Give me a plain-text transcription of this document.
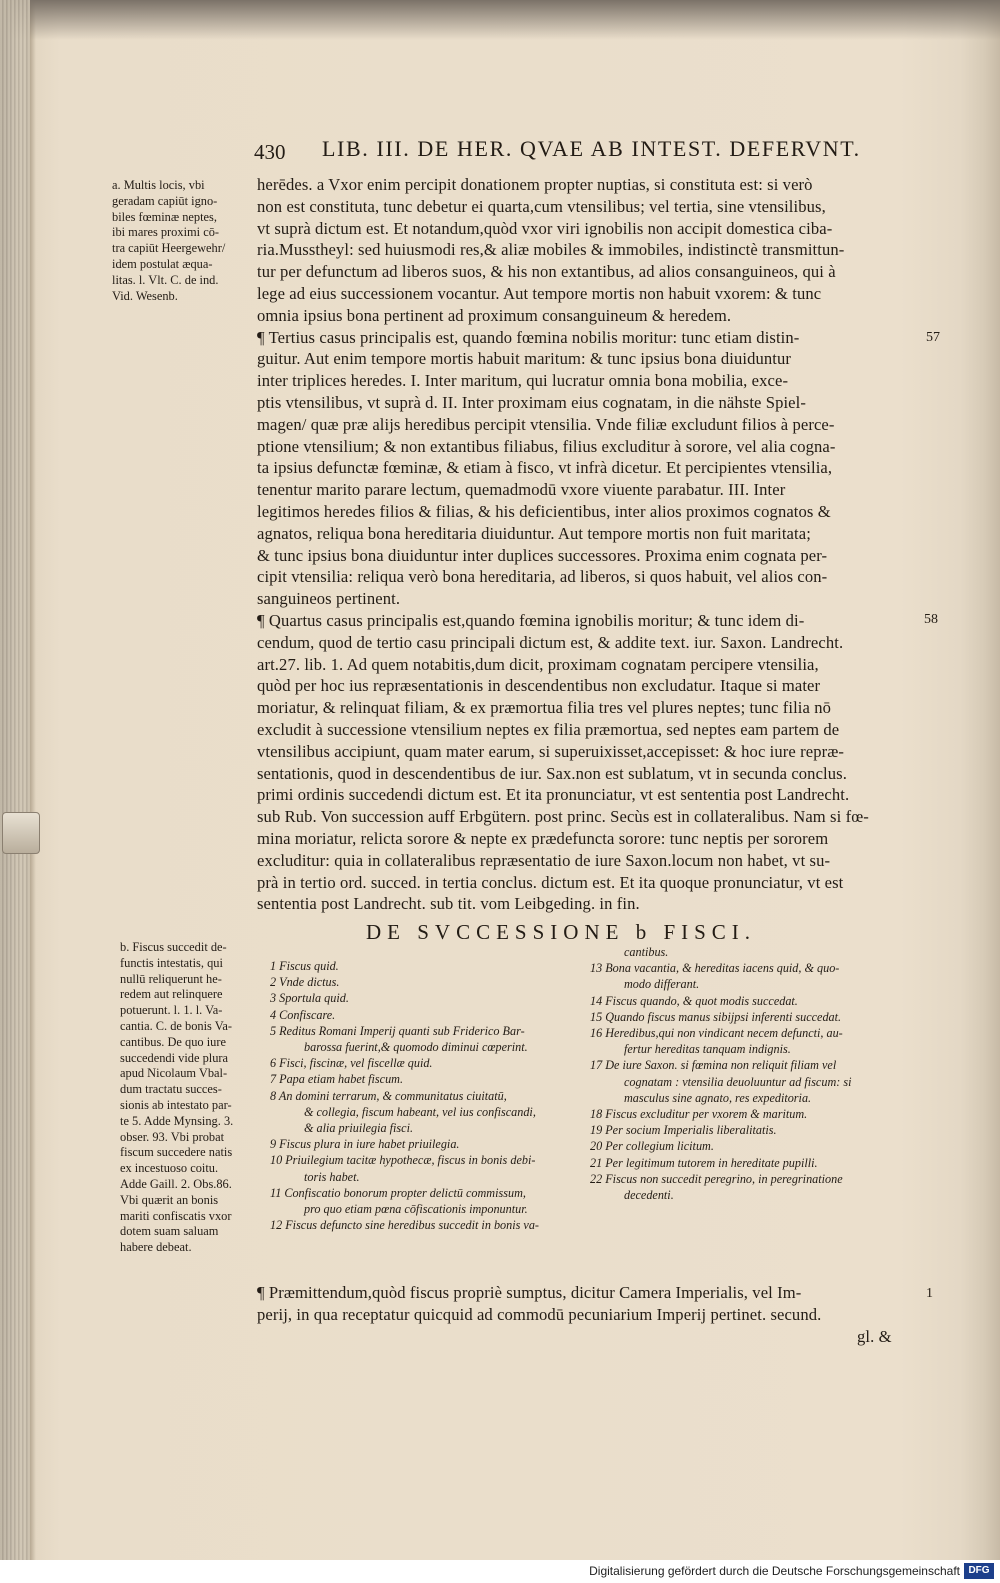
430 LIB. III. DE HER. QVAE AB INTEST. DEFERVNT.
a. Multis locis, vbi
geradam capiūt igno-
biles fœminæ neptes,
ibi mares proximi cō-
tra capiūt Heergewehr/
idem postulat æqua-
litas. l. Vlt. C. de ind.
Vid. Wesenb.
b. Fiscus succedit de-
functis intestatis, qui
nullū reliquerunt he-
redem aut relinquere
potuerunt. l. 1. l. Va-
cantia. C. de bonis Va-
cantibus. De quo iure
succedendi vide plura
apud Nicolaum Vbal-
dum tractatu succes-
sionis ab intestato par-
te 5. Adde Mynsing. 3.
obser. 93. Vbi probat
fiscum succedere natis
ex incestuoso coitu.
Adde Gaill. 2. Obs.86.
Vbi quærit an bonis
mariti confiscatis vxor
dotem suam saluam
habere debeat.
herēdes. a Vxor enim percipit donationem propter nuptias, si constituta est: si verò
non est constituta, tunc debetur ei quarta,cum vtensilibus; vel tertia, sine vtensilibus,
vt suprà dictum est. Et notandum,quòd vxor viri ignobilis non accipit domestica ciba-
ria.Musstheyl: sed huiusmodi res,& aliæ mobiles & immobiles, indistinctè transmittun-
tur per defunctum ad liberos suos, & his non extantibus, ad alios consanguineos, qui à
lege ad eius successionem vocantur. Aut tempore mortis non habuit vxorem: & tunc
omnia ipsius bona pertinent ad proximum consanguineum & heredem.
¶ Tertius casus principalis est, quando fœmina nobilis moritur: tunc etiam distin-
guitur. Aut enim tempore mortis habuit maritum: & tunc ipsius bona diuiduntur
inter triplices heredes. I. Inter maritum, qui lucratur omnia bona mobilia, exce-
ptis vtensilibus, vt suprà d. II. Inter proximam eius cognatam, in die nähste Spiel-
magen/ quæ præ alijs heredibus percipit vtensilia. Vnde filiæ excludunt filios à perce-
ptione vtensilium; & non extantibus filiabus, filius excluditur à sorore, vel alia cogna-
ta ipsius defunctæ fœminæ, & etiam à fisco, vt infrà dicetur. Et percipientes vtensilia,
tenentur marito parare lectum, quemadmodū vxore viuente parabatur. III. Inter
legitimos heredes filios & filias, & his deficientibus, inter alios proximos cognatos &
agnatos, reliqua bona hereditaria diuiduntur. Aut tempore mortis non fuit maritata;
& tunc ipsius bona diuiduntur inter duplices successores. Proxima enim cognata per-
cipit vtensilia: reliqua verò bona hereditaria, ad liberos, si quos habuit, vel alios con-
sanguineos pertinent.
¶ Quartus casus principalis est,quando fœmina ignobilis moritur; & tunc idem di-
cendum, quod de tertio casu principali dictum est, & addite text. iur. Saxon. Landrecht.
art.27. lib. 1. Ad quem notabitis,dum dicit, proximam cognatam percipere vtensilia,
quòd per hoc ius repræsentationis in descendentibus non excludatur. Itaque si mater
moriatur, & relinquat filiam, & ex præmortua filia tres vel plures neptes; tunc filia nō
excludit à successione vtensilium neptes ex filia præmortua, sed neptes eam partem de
vtensilibus accipiunt, quam mater earum, si superuixisset,accepisset: & hoc iure repræ-
sentationis, quod in descendentibus de iur. Sax.non est sublatum, vt in secunda conclus.
primi ordinis succedendi dictum est. Et ita pronunciatur, vt est sententia post Landrecht.
sub Rub. Von succession auff Erbgütern. post princ. Secùs est in collateralibus. Nam si fœ-
mina moriatur, relicta sorore & nepte ex prædefuncta sorore: tunc neptis per sororem
excluditur: quia in collateralibus repræsentatio de iure Saxon.locum non habet, vt su-
prà in tertio ord. succed. in tertia conclus. dictum est. Et ita quoque pronunciatur, vt est
sententia post Landrecht. sub tit. vom Leibgeding. in fin.
57
58
DE SVCCESSIONE b FISCI.
1 Fiscus quid.
2 Vnde dictus.
3 Sportula quid.
4 Confiscare.
5 Reditus Romani Imperij quanti sub Friderico Bar-
barossa fuerint,& quomodo diminui cœperint.
6 Fisci, fiscinæ, vel fiscellæ quid.
7 Papa etiam habet fiscum.
8 An domini terrarum, & communitatus ciuitatū,
& collegia, fiscum habeant, vel ius confiscandi,
& alia priuilegia fisci.
9 Fiscus plura in iure habet priuilegia.
10 Priuilegium tacitæ hypothecæ, fiscus in bonis debi-
toris habet.
11 Confiscatio bonorum propter delictū commissum,
pro quo etiam pœna cōfiscationis imponuntur.
12 Fiscus defuncto sine heredibus succedit in bonis va-
cantibus.
13 Bona vacantia, & hereditas iacens quid, & quo-
modo differant.
14 Fiscus quando, & quot modis succedat.
15 Quando fiscus manus sibijpsi inferenti succedat.
16 Heredibus,qui non vindicant necem defuncti, au-
fertur hereditas tanquam indignis.
17 De iure Saxon. si fœmina non reliquit filiam vel
cognatam : vtensilia deuoluuntur ad fiscum: si
masculus sine agnato, res expeditoria.
18 Fiscus excluditur per vxorem & maritum.
19 Per socium Imperialis liberalitatis.
20 Per collegium licitum.
21 Per legitimum tutorem in hereditate pupilli.
22 Fiscus non succedit peregrino, in peregrinatione
decedenti.
¶ Præmittendum,quòd fiscus propriè sumptus, dicitur Camera Imperialis, vel Im-
perij, in qua receptatur quicquid ad commodū pecuniarium Imperij pertinet. secund.
gl. &
1
Digitalisierung gefördert durch die Deutsche Forschungsgemeinschaft DFG
